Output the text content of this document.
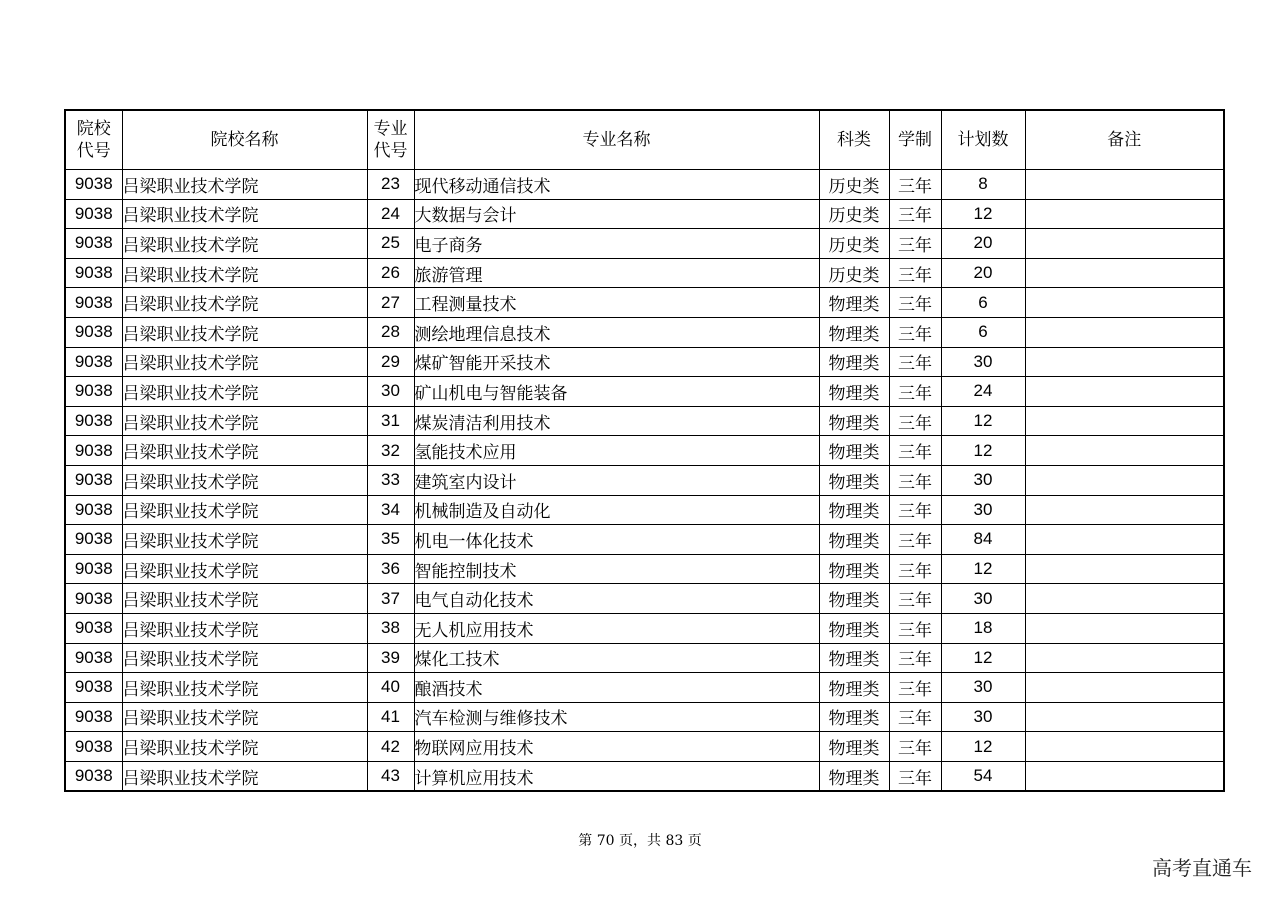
院校代号	院校名称	专业代号	专业名称	科类	学制	计划数	备注
9038	吕梁职业技术学院	23	现代移动通信技术	历史类	三年	8	
9038	吕梁职业技术学院	24	大数据与会计	历史类	三年	12	
9038	吕梁职业技术学院	25	电子商务	历史类	三年	20	
9038	吕梁职业技术学院	26	旅游管理	历史类	三年	20	
9038	吕梁职业技术学院	27	工程测量技术	物理类	三年	6	
9038	吕梁职业技术学院	28	测绘地理信息技术	物理类	三年	6	
9038	吕梁职业技术学院	29	煤矿智能开采技术	物理类	三年	30	
9038	吕梁职业技术学院	30	矿山机电与智能装备	物理类	三年	24	
9038	吕梁职业技术学院	31	煤炭清洁利用技术	物理类	三年	12	
9038	吕梁职业技术学院	32	氢能技术应用	物理类	三年	12	
9038	吕梁职业技术学院	33	建筑室内设计	物理类	三年	30	
9038	吕梁职业技术学院	34	机械制造及自动化	物理类	三年	30	
9038	吕梁职业技术学院	35	机电一体化技术	物理类	三年	84	
9038	吕梁职业技术学院	36	智能控制技术	物理类	三年	12	
9038	吕梁职业技术学院	37	电气自动化技术	物理类	三年	30	
9038	吕梁职业技术学院	38	无人机应用技术	物理类	三年	18	
9038	吕梁职业技术学院	39	煤化工技术	物理类	三年	12	
9038	吕梁职业技术学院	40	酿酒技术	物理类	三年	30	
9038	吕梁职业技术学院	41	汽车检测与维修技术	物理类	三年	30	
9038	吕梁职业技术学院	42	物联网应用技术	物理类	三年	12	
9038	吕梁职业技术学院	43	计算机应用技术	物理类	三年	54	
第 70 页，共 83 页
高考直通车
